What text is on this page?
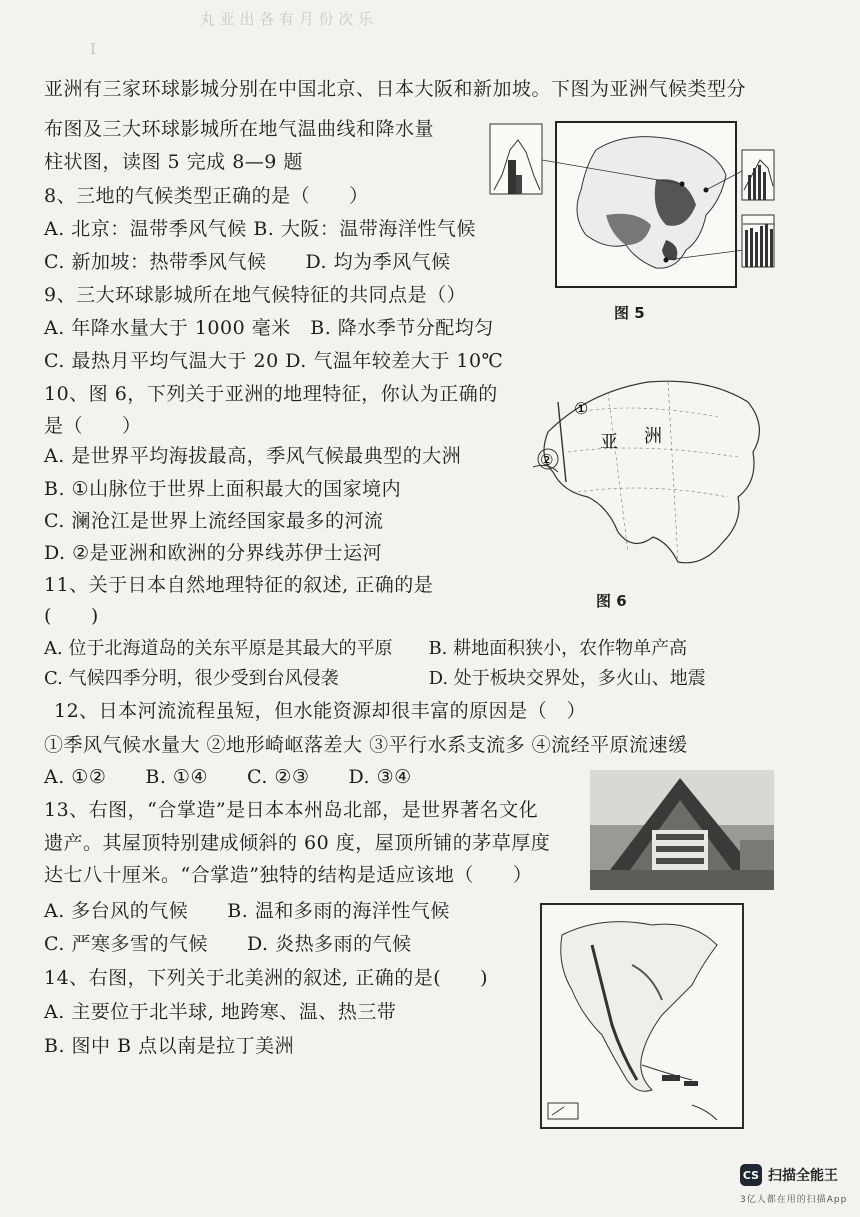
丸 亚 出 各 有 月 份 次 乐
I　　 　　　　　　　　　 　　　 　 　　　 　
亚洲有三家环球影城分别在中国北京、日本大阪和新加坡。下图为亚洲气候类型分
布图及三大环球影城所在地气温曲线和降水量
柱状图，读图 5 完成 8—9 题
8、三地的气候类型正确的是（　　）
A. 北京：温带季风气候 B. 大阪：温带海洋性气候
C. 新加坡：热带季风气候　　D. 均为季风气候
9、三大环球影城所在地气候特征的共同点是（）
A. 年降水量大于 1000 毫米　B. 降水季节分配均匀
C. 最热月平均气温大于 20 D. 气温年较差大于 10℃
10、图 6，下列关于亚洲的地理特征，你认为正确的
是（　　）
A. 是世界平均海拔最高，季风气候最典型的大洲
B. ①山脉位于世界上面积最大的国家境内
C. 澜沧江是世界上流经国家最多的河流
D. ②是亚洲和欧洲的分界线苏伊士运河
11、关于日本自然地理特征的叙述, 正确的是
(　　)
A. 位于北海道岛的关东平原是其最大的平原　　B. 耕地面积狭小，农作物单产高
C. 气候四季分明，很少受到台风侵袭　　　　　D. 处于板块交界处，多火山、地震
12、日本河流流程虽短，但水能资源却很丰富的原因是（　）
①季风气候水量大 ②地形崎岖落差大 ③平行水系支流多 ④流经平原流速缓
A. ①②　　B. ①④　　C. ②③　　D. ③④
13、右图，“合掌造”是日本本州岛北部，是世界著名文化
遗产。其屋顶特别建成倾斜的 60 度，屋顶所铺的茅草厚度
达七八十厘米。“合掌造”独特的结构是适应该地（　　）
A. 多台风的气候　　B. 温和多雨的海洋性气候
C. 严寒多雪的气候　　D. 炎热多雨的气候
14、右图，下列关于北美洲的叙述, 正确的是(　　)
A. 主要位于北半球, 地跨寒、温、热三带
B. 图中 B 点以南是拉丁美洲
图 5
①
②
亚 洲
图 6
CS 扫描全能王
3亿人都在用的扫描App
